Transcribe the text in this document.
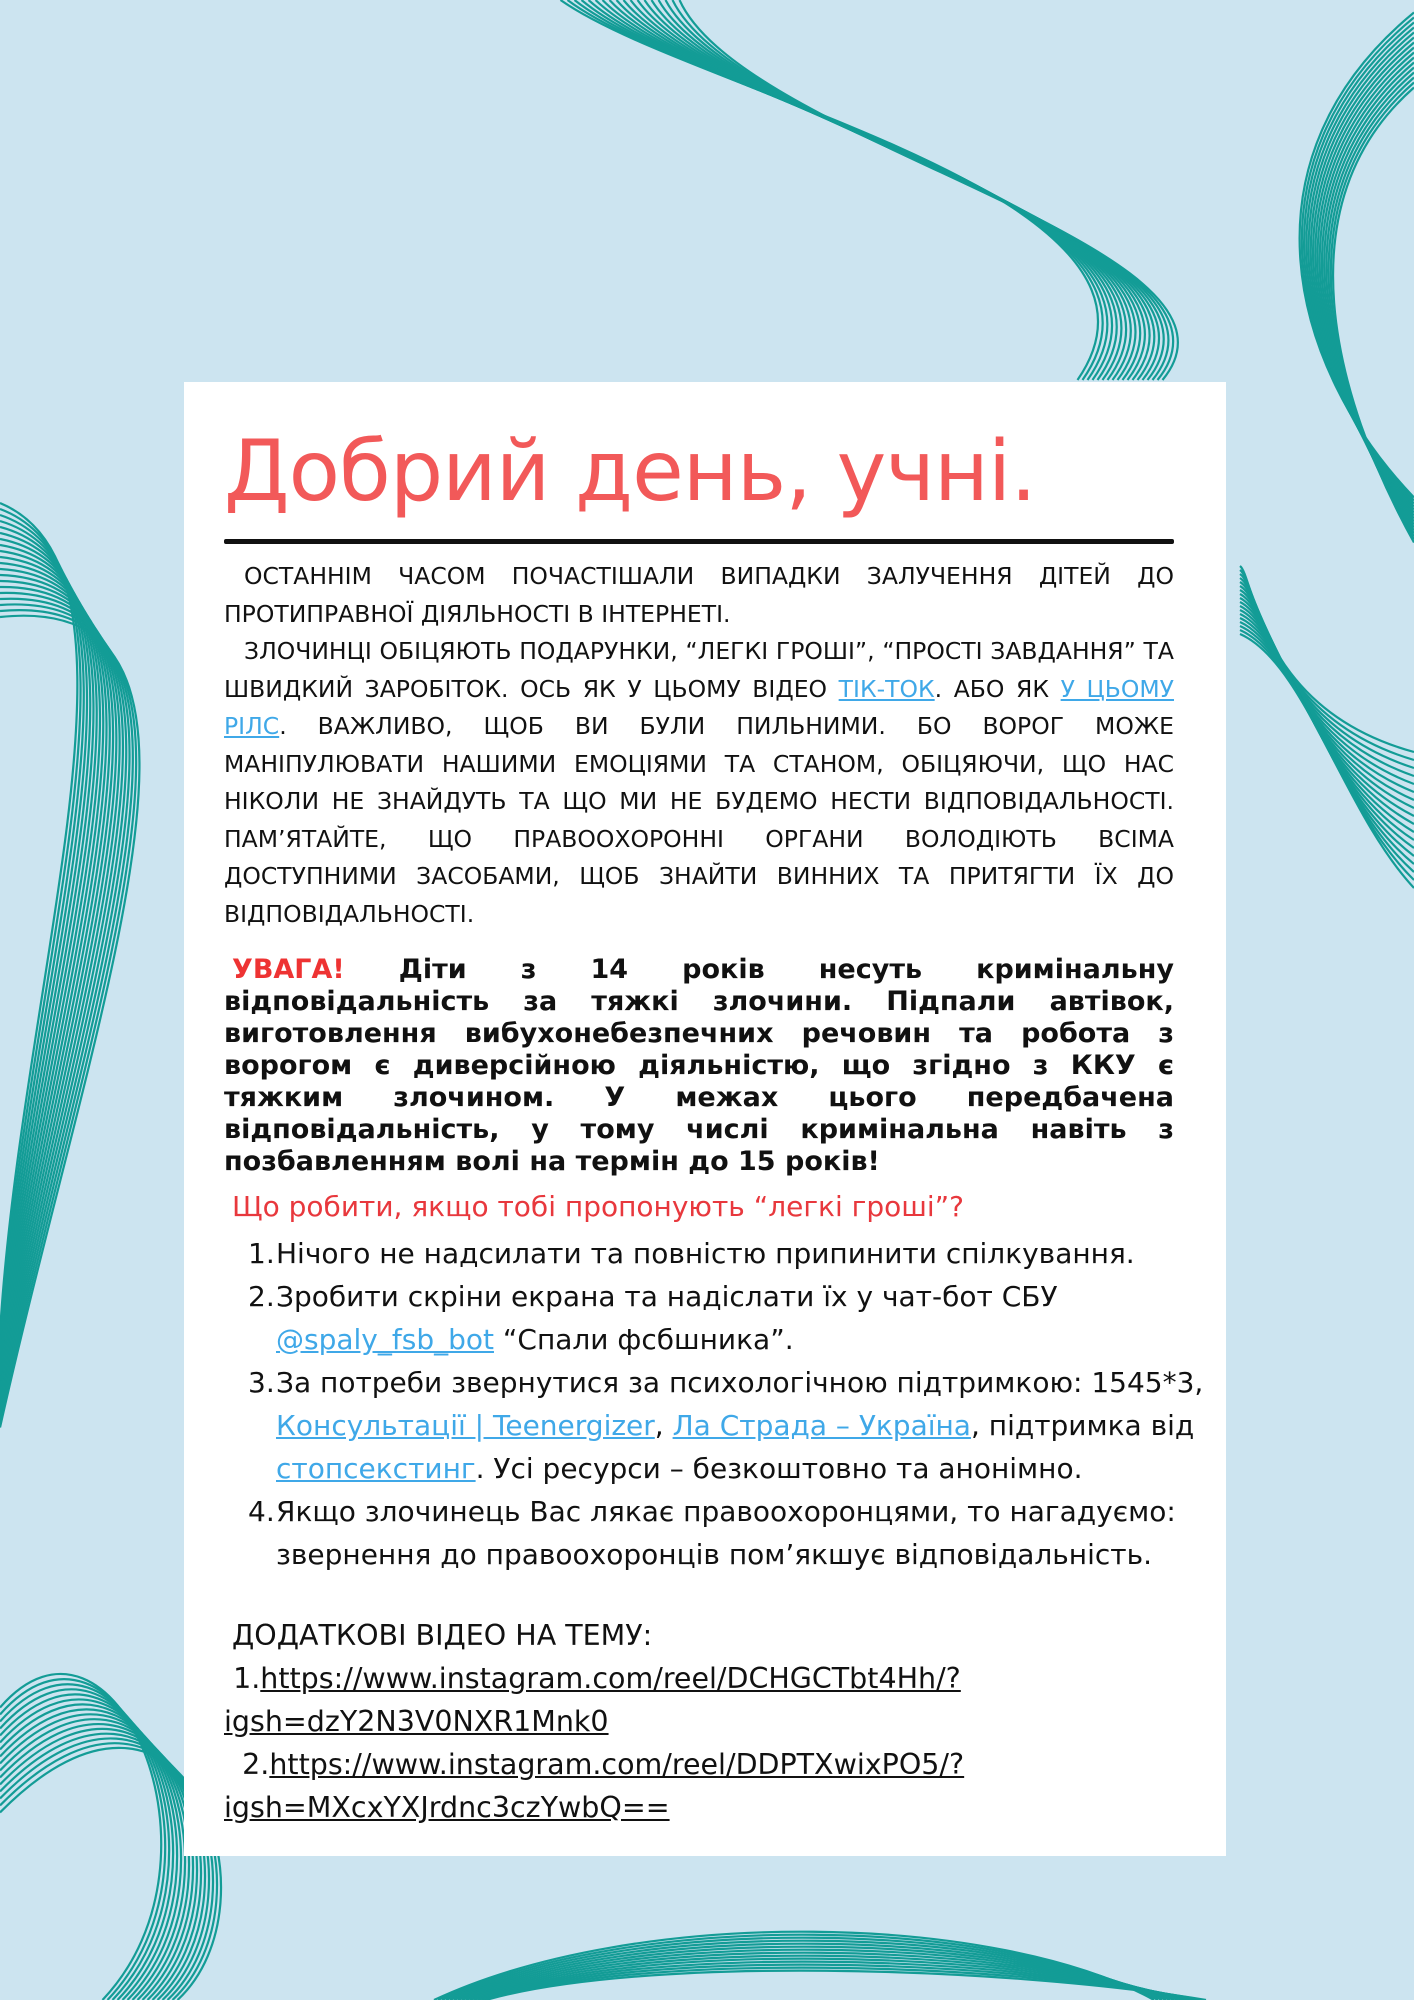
Добрий день, учні.

ОСТАННІМ ЧАСОМ ПОЧАСТІШАЛИ ВИПАДКИ ЗАЛУЧЕННЯ ДІТЕЙ ДО ПРОТИПРАВНОЇ ДІЯЛЬНОСТІ В ІНТЕРНЕТІ.

ЗЛОЧИНЦІ ОБІЦЯЮТЬ ПОДАРУНКИ, “ЛЕГКІ ГРОШІ”, “ПРОСТІ ЗАВДАННЯ” ТА ШВИДКИЙ ЗАРОБІТОК. ОСЬ ЯК У ЦЬОМУ ВІДЕО ТІК-ТОК. АБО ЯК У ЦЬОМУ РІЛС. ВАЖЛИВО, ЩОБ ВИ БУЛИ ПИЛЬНИМИ. БО ВОРОГ МОЖЕ МАНІПУЛЮВАТИ НАШИМИ ЕМОЦІЯМИ ТА СТАНОМ, ОБІЦЯЮЧИ, ЩО НАС НІКОЛИ НЕ ЗНАЙДУТЬ ТА ЩО МИ НЕ БУДЕМО НЕСТИ ВІДПОВІДАЛЬНОСТІ. ПАМ’ЯТАЙТЕ, ЩО ПРАВООХОРОННІ ОРГАНИ ВОЛОДІЮТЬ ВСІМА ДОСТУПНИМИ ЗАСОБАМИ, ЩОБ ЗНАЙТИ ВИННИХ ТА ПРИТЯГТИ ЇХ ДО ВІДПОВІДАЛЬНОСТІ.

УВАГА! Діти з 14 років несуть кримінальну відповідальність за тяжкі злочини. Підпали автівок, виготовлення вибухонебезпечних речовин та робота з ворогом є диверсійною діяльністю, що згідно з ККУ є тяжким злочином. У межах цього передбачена відповідальність, у тому числі кримінальна навіть з позбавленням волі на термін до 15 років!

Що робити, якщо тобі пропонують “легкі гроші”?
1. Нічого не надсилати та повністю припинити спілкування.
2. Зробити скріни екрана та надіслати їх у чат-бот СБУ @spaly_fsb_bot “Спали фсбшника”.
3. За потреби звернутися за психологічною підтримкою: 1545*3, Консультації | Teenergizer, Ла Страда – Україна, підтримка від стопсекстинг. Усі ресурси – безкоштовно та анонімно.
4. Якщо злочинець Вас лякає правоохоронцями, то нагадуємо: звернення до правоохоронців пом’якшує відповідальність.
ДОДАТКОВІ ВІДЕО НА ТЕМУ:
1.https://www.instagram.com/reel/DCHGCTbt4Hh/?
igsh=dzY2N3V0NXR1Mnk0
2.https://www.instagram.com/reel/DDPTXwixPO5/?
igsh=MXcxYXJrdnc3czYwbQ==
